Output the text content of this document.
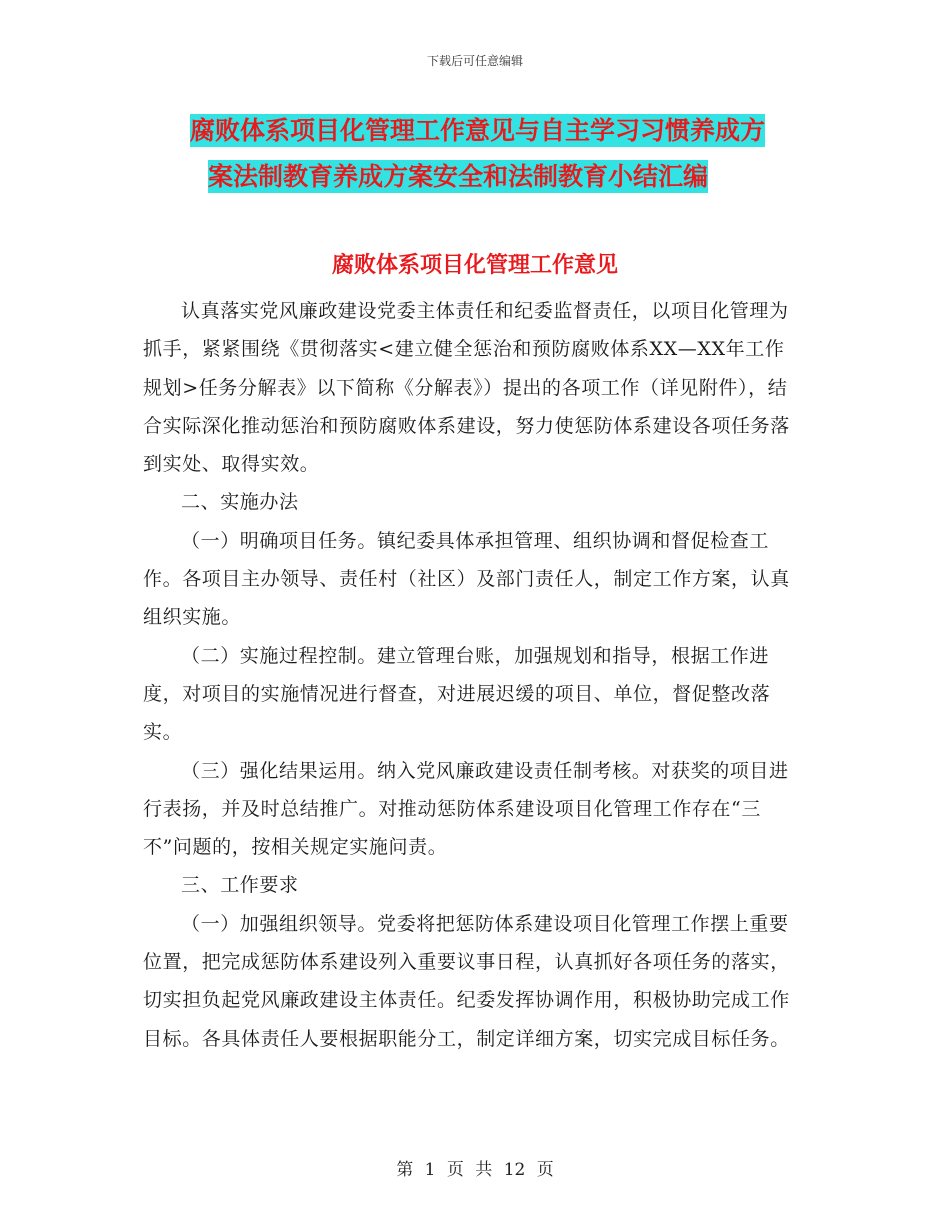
下载后可任意编辑
腐败体系项目化管理工作意见与自主学习习惯养成方
案法制教育养成方案安全和法制教育小结汇编
腐败体系项目化管理工作意见

认真落实党风廉政建设党委主体责任和纪委监督责任，以项目化管理为抓手，紧紧围绕《贯彻落实<建立健全惩治和预防腐败体系XX—XX年工作规划>任务分解表》以下简称《分解表》）提出的各项工作（详见附件），结合实际深化推动惩治和预防腐败体系建设，努力使惩防体系建设各项任务落到实处、取得实效。

二、实施办法

（一）明确项目任务。镇纪委具体承担管理、组织协调和督促检查工作。各项目主办领导、责任村（社区）及部门责任人，制定工作方案，认真组织实施。

（二）实施过程控制。建立管理台账，加强规划和指导，根据工作进度，对项目的实施情况进行督查，对进展迟缓的项目、单位，督促整改落实。

（三）强化结果运用。纳入党风廉政建设责任制考核。对获奖的项目进行表扬，并及时总结推广。对推动惩防体系建设项目化管理工作存在“三不”问题的，按相关规定实施问责。

三、工作要求

（一）加强组织领导。党委将把惩防体系建设项目化管理工作摆上重要位置，把完成惩防体系建设列入重要议事日程，认真抓好各项任务的落实，切实担负起党风廉政建设主体责任。纪委发挥协调作用，积极协助完成工作目标。各具体责任人要根据职能分工，制定详细方案，切实完成目标任务。

第 1 页 共 12 页
